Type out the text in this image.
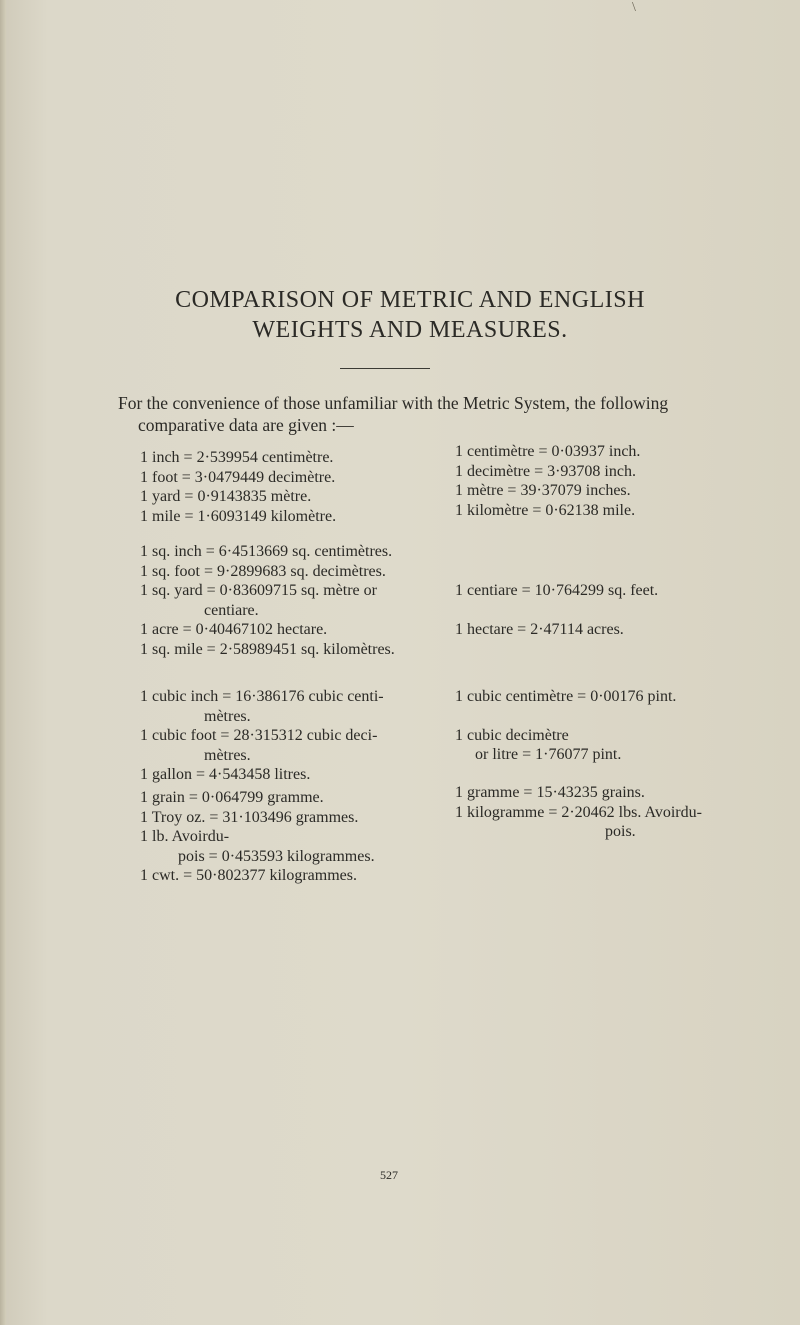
\
COMPARISON OF METRIC AND ENGLISH
WEIGHTS AND MEASURES.
For the convenience of those unfamiliar with the Metric System, the following
comparative data are given :—
1 inch = 2·539954 centimètre.
1 foot = 3·0479449 decimètre.
1 yard = 0·9143835 mètre.
1 mile = 1·6093149 kilomètre.
1 centimètre = 0·03937 inch.
1 decimètre = 3·93708 inch.
1 mètre = 39·37079 inches.
1 kilomètre = 0·62138 mile.
1 sq. inch = 6·4513669 sq. centimètres.
1 sq. foot = 9·2899683 sq. decimètres.
1 sq. yard = 0·83609715 sq. mètre or
centiare.
1 acre = 0·40467102 hectare.
1 sq. mile = 2·58989451 sq. kilomètres.
1 centiare = 10·764299 sq. feet.
1 hectare = 2·47114 acres.
1 cubic inch = 16·386176 cubic centi-
mètres.
1 cubic foot = 28·315312 cubic deci-
mètres.
1 gallon = 4·543458 litres.
1 cubic centimètre = 0·00176 pint.
1 cubic decimètre
or litre = 1·76077 pint.
1 grain = 0·064799 gramme.
1 Troy oz. = 31·103496 grammes.
1 lb. Avoirdu-
pois = 0·453593 kilogrammes.
1 cwt. = 50·802377 kilogrammes.
1 gramme = 15·43235 grains.
1 kilogramme = 2·20462 lbs. Avoirdu-
pois.
527
